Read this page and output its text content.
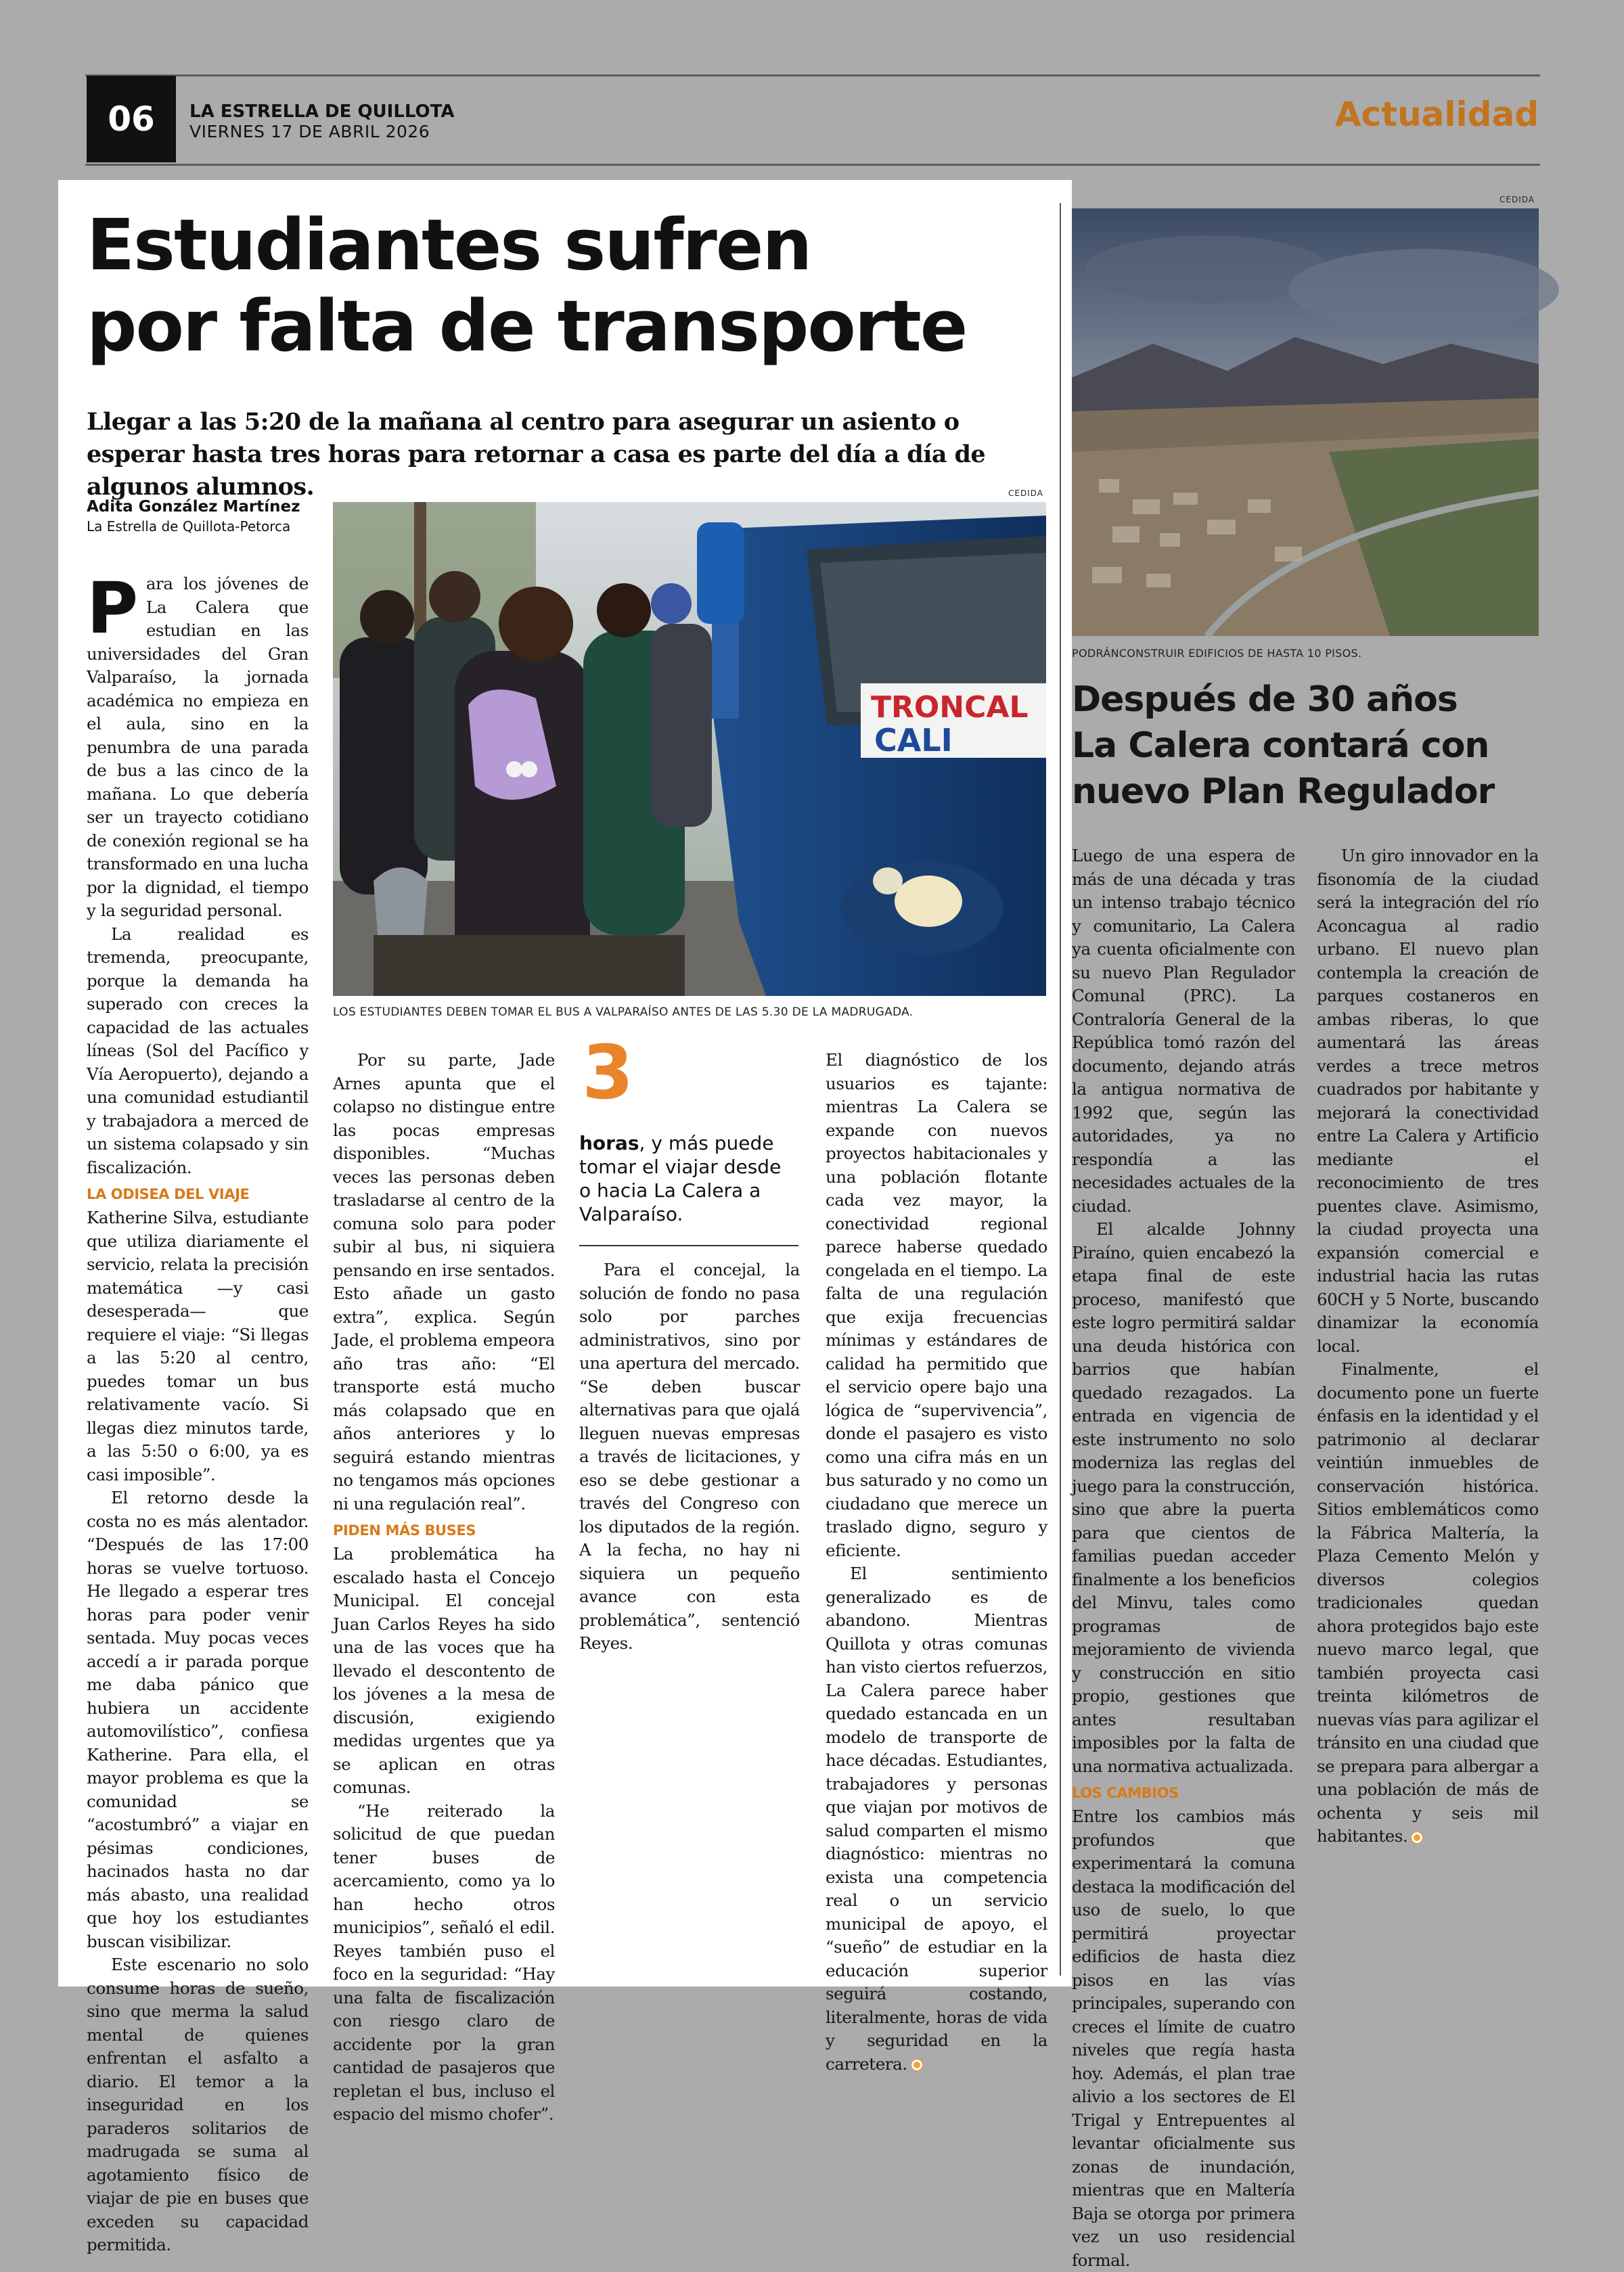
06	LA ESTRELLA DE QUILLOTA
VIERNES 17 DE ABRIL 2026	Actualidad
Estudiantes sufren
por falta de transporte
Llegar a las 5:20 de la mañana al centro para asegurar un asiento o esperar hasta tres horas para retornar a casa es parte del día a día de algunos alumnos.
Adita González Martínez
La Estrella de Quillota-Petorca
CEDIDA
TRONCAL
CALI
LOS ESTUDIANTES DEBEN TOMAR EL BUS A VALPARAÍSO ANTES DE LAS 5.30 DE LA MADRUGADA.

Para los jóvenes de La Calera que estudian en las universidades del Gran Valparaíso, la jornada académica no empieza en el aula, sino en la penumbra de una parada de bus a las cinco de la mañana. Lo que debería ser un trayecto cotidiano de conexión regional se ha transformado en una lucha por la dignidad, el tiempo y la seguridad personal.

La realidad es tremenda, preocupante, porque la demanda ha superado con creces la capacidad de las actuales líneas (Sol del Pacífico y Vía Aeropuerto), dejando a una comunidad estudiantil y trabajadora a merced de un sistema colapsado y sin fiscalización.

LA ODISEA DEL VIAJE

Katherine Silva, estudiante que utiliza diariamente el servicio, relata la precisión matemática —y casi desesperada— que requiere el viaje: “Si llegas a las 5:20 al centro, puedes tomar un bus relativamente vacío. Si llegas diez minutos tarde, a las 5:50 o 6:00, ya es casi imposible”.

El retorno desde la costa no es más alentador. “Después de las 17:00 horas se vuelve tortuoso. He llegado a esperar tres horas para poder venir sentada. Muy pocas veces accedí a ir parada porque me daba pánico que hubiera un accidente automovilístico”, confiesa Katherine. Para ella, el mayor problema es que la comunidad se “acostumbró” a viajar en pésimas condiciones, hacinados hasta no dar más abasto, una realidad que hoy los estudiantes buscan visibilizar.

Este escenario no solo consume horas de sueño, sino que merma la salud mental de quienes enfrentan el asfalto a diario. El temor a la inseguridad en los paraderos solitarios de madrugada se suma al agotamiento físico de viajar de pie en buses que exceden su capacidad permitida.

Por su parte, Jade Arnes apunta que el colapso no distingue entre las pocas empresas disponibles. “Muchas veces las personas deben trasladarse al centro de la comuna solo para poder subir al bus, ni siquiera pensando en irse sentados. Esto añade un gasto extra”, explica. Según Jade, el problema empeora año tras año: “El transporte está mucho más colapsado que en años anteriores y lo seguirá estando mientras no tengamos más opciones ni una regulación real”.

PIDEN MÁS BUSES

La problemática ha escalado hasta el Concejo Municipal. El concejal Juan Carlos Reyes ha sido una de las voces que ha llevado el descontento de los jóvenes a la mesa de discusión, exigiendo medidas urgentes que ya se aplican en otras comunas.

“He reiterado la solicitud de que puedan tener buses de acercamiento, como ya lo han hecho otros municipios”, señaló el edil. Reyes también puso el foco en la seguridad: “Hay una falta de fiscalización con riesgo claro de accidente por la gran cantidad de pasajeros que repletan el bus, incluso el espacio del mismo chofer”.

3
horas, y más puede tomar el viajar desde o hacia La Calera a Valparaíso.

Para el concejal, la solución de fondo no pasa solo por parches administrativos, sino por una apertura del mercado. “Se deben buscar alternativas para que ojalá lleguen nuevas empresas a través de licitaciones, y eso se debe gestionar a través del Congreso con los diputados de la región. A la fecha, no hay ni siquiera un pequeño avance con esta problemática”, sentenció Reyes.

El diagnóstico de los usuarios es tajante: mientras La Calera se expande con nuevos proyectos habitacionales y una población flotante cada vez mayor, la conectividad regional parece haberse quedado congelada en el tiempo. La falta de una regulación que exija frecuencias mínimas y estándares de calidad ha permitido que el servicio opere bajo una lógica de “supervivencia”, donde el pasajero es visto como una cifra más en un bus saturado y no como un ciudadano que merece un traslado digno, seguro y eficiente.

El sentimiento generalizado es de abandono. Mientras Quillota y otras comunas han visto ciertos refuerzos, La Calera parece haber quedado estancada en un modelo de transporte de hace décadas. Estudiantes, trabajadores y personas que viajan por motivos de salud comparten el mismo diagnóstico: mientras no exista una competencia real o un servicio municipal de apoyo, el “sueño” de estudiar en la educación superior seguirá costando, literalmente, horas de vida y seguridad en la carretera.

CEDIDA
PODRÁNCONSTRUIR EDIFICIOS DE HASTA 10 PISOS.
Después de 30 años La Calera contará con nuevo Plan Regulador

Luego de una espera de más de una década y tras un intenso trabajo técnico y comunitario, La Calera ya cuenta oficialmente con su nuevo Plan Regulador Comunal (PRC). La Contraloría General de la República tomó razón del documento, dejando atrás la antigua normativa de 1992 que, según las autoridades, ya no respondía a las necesidades actuales de la ciudad.

El alcalde Johnny Piraíno, quien encabezó la etapa final de este proceso, manifestó que este logro permitirá saldar una deuda histórica con barrios que habían quedado rezagados. La entrada en vigencia de este instrumento no solo moderniza las reglas del juego para la construcción, sino que abre la puerta para que cientos de familias puedan acceder finalmente a los beneficios del Minvu, tales como programas de mejoramiento de vivienda y construcción en sitio propio, gestiones que antes resultaban imposibles por la falta de una normativa actualizada.

LOS CAMBIOS

Entre los cambios más profundos que experimentará la comuna destaca la modificación del uso de suelo, lo que permitirá proyectar edificios de hasta diez pisos en las vías principales, superando con creces el límite de cuatro niveles que regía hasta hoy. Además, el plan trae alivio a los sectores de El Trigal y Entrepuentes al levantar oficialmente sus zonas de inundación, mientras que en Maltería Baja se otorga por primera vez un uso residencial formal.

Un giro innovador en la fisonomía de la ciudad será la integración del río Aconcagua al radio urbano. El nuevo plan contempla la creación de parques costaneros en ambas riberas, lo que aumentará las áreas verdes a trece metros cuadrados por habitante y mejorará la conectividad entre La Calera y Artificio mediante el reconocimiento de tres puentes clave. Asimismo, la ciudad proyecta una expansión comercial e industrial hacia las rutas 60CH y 5 Norte, buscando dinamizar la economía local.

Finalmente, el documento pone un fuerte énfasis en la identidad y el patrimonio al declarar veintiún inmuebles de conservación histórica. Sitios emblemáticos como la Fábrica Maltería, la Plaza Cemento Melón y diversos colegios tradicionales quedan ahora protegidos bajo este nuevo marco legal, que también proyecta casi treinta kilómetros de nuevas vías para agilizar el tránsito en una ciudad que se prepara para albergar a una población de más de ochenta y seis mil habitantes.
